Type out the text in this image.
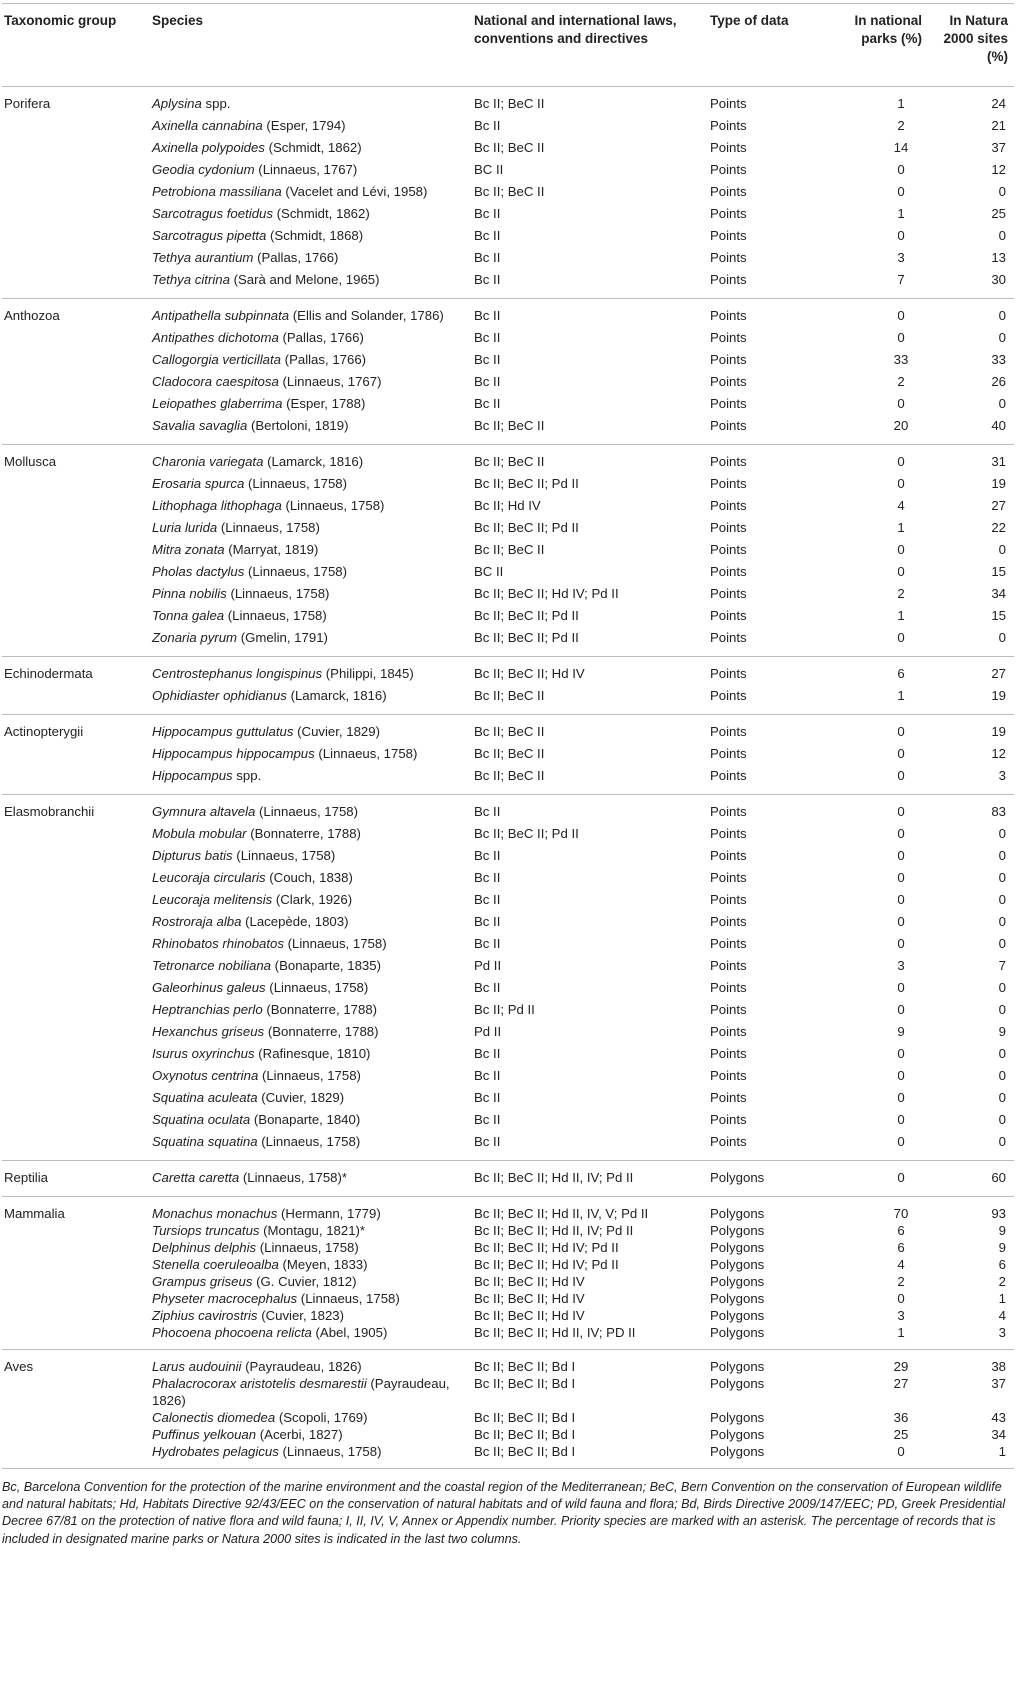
Taxonomic group	Species	National and international laws, conventions and directives	Type of data	In national parks (%)	In Natura 2000 sites (%)
Porifera	Aplysina spp.	Bc II; BeC II	Points	1	24
	Axinella cannabina (Esper, 1794)	Bc II	Points	2	21
	Axinella polypoides (Schmidt, 1862)	Bc II; BeC II	Points	14	37
	Geodia cydonium (Linnaeus, 1767)	BC II	Points	0	12
	Petrobiona massiliana (Vacelet and Lévi, 1958)	Bc II; BeC II	Points	0	0
	Sarcotragus foetidus (Schmidt, 1862)	Bc II	Points	1	25
	Sarcotragus pipetta (Schmidt, 1868)	Bc II	Points	0	0
	Tethya aurantium (Pallas, 1766)	Bc II	Points	3	13
	Tethya citrina (Sarà and Melone, 1965)	Bc II	Points	7	30
Anthozoa	Antipathella subpinnata (Ellis and Solander, 1786)	Bc II	Points	0	0
	Antipathes dichotoma (Pallas, 1766)	Bc II	Points	0	0
	Callogorgia verticillata (Pallas, 1766)	Bc II	Points	33	33
	Cladocora caespitosa (Linnaeus, 1767)	Bc II	Points	2	26
	Leiopathes glaberrima (Esper, 1788)	Bc II	Points	0	0
	Savalia savaglia (Bertoloni, 1819)	Bc II; BeC II	Points	20	40
Mollusca	Charonia variegata (Lamarck, 1816)	Bc II; BeC II	Points	0	31
	Erosaria spurca (Linnaeus, 1758)	Bc II; BeC II; Pd II	Points	0	19
	Lithophaga lithophaga (Linnaeus, 1758)	Bc II; Hd IV	Points	4	27
	Luria lurida (Linnaeus, 1758)	Bc II; BeC II; Pd II	Points	1	22
	Mitra zonata (Marryat, 1819)	Bc II; BeC II	Points	0	0
	Pholas dactylus (Linnaeus, 1758)	BC II	Points	0	15
	Pinna nobilis (Linnaeus, 1758)	Bc II; BeC II; Hd IV; Pd II	Points	2	34
	Tonna galea (Linnaeus, 1758)	Bc II; BeC II; Pd II	Points	1	15
	Zonaria pyrum (Gmelin, 1791)	Bc II; BeC II; Pd II	Points	0	0
Echinodermata	Centrostephanus longispinus (Philippi, 1845)	Bc II; BeC II; Hd IV	Points	6	27
	Ophidiaster ophidianus (Lamarck, 1816)	Bc II; BeC II	Points	1	19
Actinopterygii	Hippocampus guttulatus (Cuvier, 1829)	Bc II; BeC II	Points	0	19
	Hippocampus hippocampus (Linnaeus, 1758)	Bc II; BeC II	Points	0	12
	Hippocampus spp.	Bc II; BeC II	Points	0	3
Elasmobranchii	Gymnura altavela (Linnaeus, 1758)	Bc II	Points	0	83
	Mobula mobular (Bonnaterre, 1788)	Bc II; BeC II; Pd II	Points	0	0
	Dipturus batis (Linnaeus, 1758)	Bc II	Points	0	0
	Leucoraja circularis (Couch, 1838)	Bc II	Points	0	0
	Leucoraja melitensis (Clark, 1926)	Bc II	Points	0	0
	Rostroraja alba (Lacepède, 1803)	Bc II	Points	0	0
	Rhinobatos rhinobatos (Linnaeus, 1758)	Bc II	Points	0	0
	Tetronarce nobiliana (Bonaparte, 1835)	Pd II	Points	3	7
	Galeorhinus galeus (Linnaeus, 1758)	Bc II	Points	0	0
	Heptranchias perlo (Bonnaterre, 1788)	Bc II; Pd II	Points	0	0
	Hexanchus griseus (Bonnaterre, 1788)	Pd II	Points	9	9
	Isurus oxyrinchus (Rafinesque, 1810)	Bc II	Points	0	0
	Oxynotus centrina (Linnaeus, 1758)	Bc II	Points	0	0
	Squatina aculeata (Cuvier, 1829)	Bc II	Points	0	0
	Squatina oculata (Bonaparte, 1840)	Bc II	Points	0	0
	Squatina squatina (Linnaeus, 1758)	Bc II	Points	0	0
Reptilia	Caretta caretta (Linnaeus, 1758)*	Bc II; BeC II; Hd II, IV; Pd II	Polygons	0	60
Mammalia	Monachus monachus (Hermann, 1779)	Bc II; BeC II; Hd II, IV, V; Pd II	Polygons	70	93
	Tursiops truncatus (Montagu, 1821)*	Bc II; BeC II; Hd II, IV; Pd II	Polygons	6	9
	Delphinus delphis (Linnaeus, 1758)	Bc II; BeC II; Hd IV; Pd II	Polygons	6	9
	Stenella coeruleoalba (Meyen, 1833)	Bc II; BeC II; Hd IV; Pd II	Polygons	4	6
	Grampus griseus (G. Cuvier, 1812)	Bc II; BeC II; Hd IV	Polygons	2	2
	Physeter macrocephalus (Linnaeus, 1758)	Bc II; BeC II; Hd IV	Polygons	0	1
	Ziphius cavirostris (Cuvier, 1823)	Bc II; BeC II; Hd IV	Polygons	3	4
	Phocoena phocoena relicta (Abel, 1905)	Bc II; BeC II; Hd II, IV; PD II	Polygons	1	3
Aves	Larus audouinii (Payraudeau, 1826)	Bc II; BeC II; Bd I	Polygons	29	38
	Phalacrocorax aristotelis desmarestii (Payraudeau, 1826)	Bc II; BeC II; Bd I	Polygons	27	37
	Calonectis diomedea (Scopoli, 1769)	Bc II; BeC II; Bd I	Polygons	36	43
	Puffinus yelkouan (Acerbi, 1827)	Bc II; BeC II; Bd I	Polygons	25	34
	Hydrobates pelagicus (Linnaeus, 1758)	Bc II; BeC II; Bd I	Polygons	0	1

Bc, Barcelona Convention for the protection of the marine environment and the coastal region of the Mediterranean; BeC, Bern Convention on the conservation of European wildlife and natural habitats; Hd, Habitats Directive 92/43/EEC on the conservation of natural habitats and of wild fauna and flora; Bd, Birds Directive 2009/147/EEC; PD, Greek Presidential Decree 67/81 on the protection of native flora and wild fauna; I, II, IV, V, Annex or Appendix number. Priority species are marked with an asterisk. The percentage of records that is included in designated marine parks or Natura 2000 sites is indicated in the last two columns.
